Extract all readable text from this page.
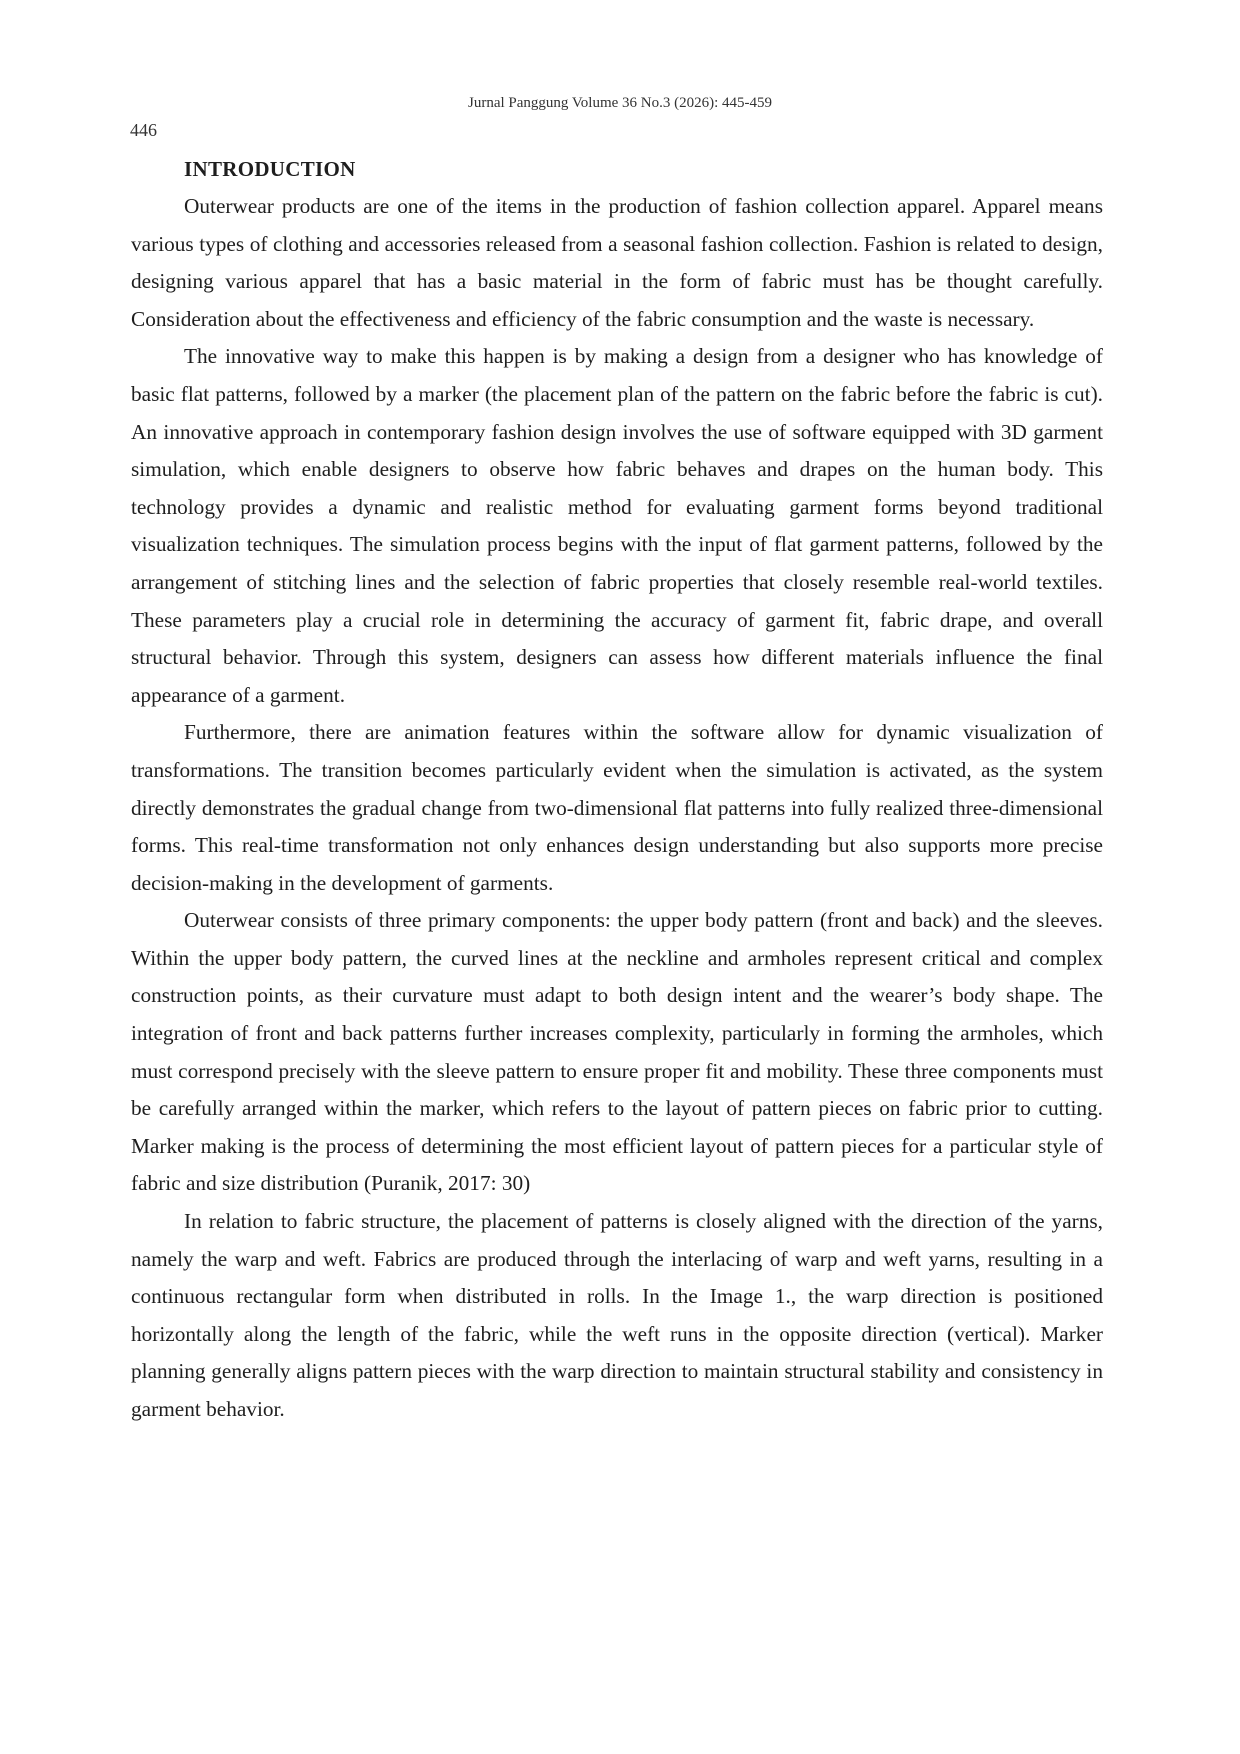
Jurnal Panggung Volume 36 No.3 (2026): 445-459
446
INTRODUCTION

Outerwear products are one of the items in the production of fashion collection apparel. Apparel means various types of clothing and accessories released from a seasonal fashion collection. Fashion is related to design, designing various apparel that has a basic material in the form of fabric must has be thought carefully. Consideration about the effectiveness and efficiency of the fabric consumption and the waste is necessary.

The innovative way to make this happen is by making a design from a designer who has knowledge of basic flat patterns, followed by a marker (the placement plan of the pattern on the fabric before the fabric is cut). An innovative approach in contemporary fashion design involves the use of software equipped with 3D garment simulation, which enable designers to observe how fabric behaves and drapes on the human body. This technology provides a dynamic and realistic method for evaluating garment forms beyond traditional visualization techniques. The simulation process begins with the input of flat garment patterns, followed by the arrangement of stitching lines and the selection of fabric properties that closely resemble real-world textiles. These parameters play a crucial role in determining the accuracy of garment fit, fabric drape, and overall structural behavior. Through this system, designers can assess how different materials influence the final appearance of a garment.

Furthermore, there are animation features within the software allow for dynamic visualization of transformations. The transition becomes particularly evident when the simulation is activated, as the system directly demonstrates the gradual change from two-dimensional flat patterns into fully realized three-dimensional forms. This real-time transformation not only enhances design understanding but also supports more precise decision-making in the development of garments.

Outerwear consists of three primary components: the upper body pattern (front and back) and the sleeves. Within the upper body pattern, the curved lines at the neckline and armholes represent critical and complex construction points, as their curvature must adapt to both design intent and the wearer’s body shape. The integration of front and back patterns further increases complexity, particularly in forming the armholes, which must correspond precisely with the sleeve pattern to ensure proper fit and mobility. These three components must be carefully arranged within the marker, which refers to the layout of pattern pieces on fabric prior to cutting. Marker making is the process of determining the most efficient layout of pattern pieces for a particular style of fabric and size distribution (Puranik, 2017: 30)

In relation to fabric structure, the placement of patterns is closely aligned with the direction of the yarns, namely the warp and weft. Fabrics are produced through the interlacing of warp and weft yarns, resulting in a continuous rectangular form when distributed in rolls. In the Image 1., the warp direction is positioned horizontally along the length of the fabric, while the weft runs in the opposite direction (vertical). Marker planning generally aligns pattern pieces with the warp direction to maintain structural stability and consistency in garment behavior.
